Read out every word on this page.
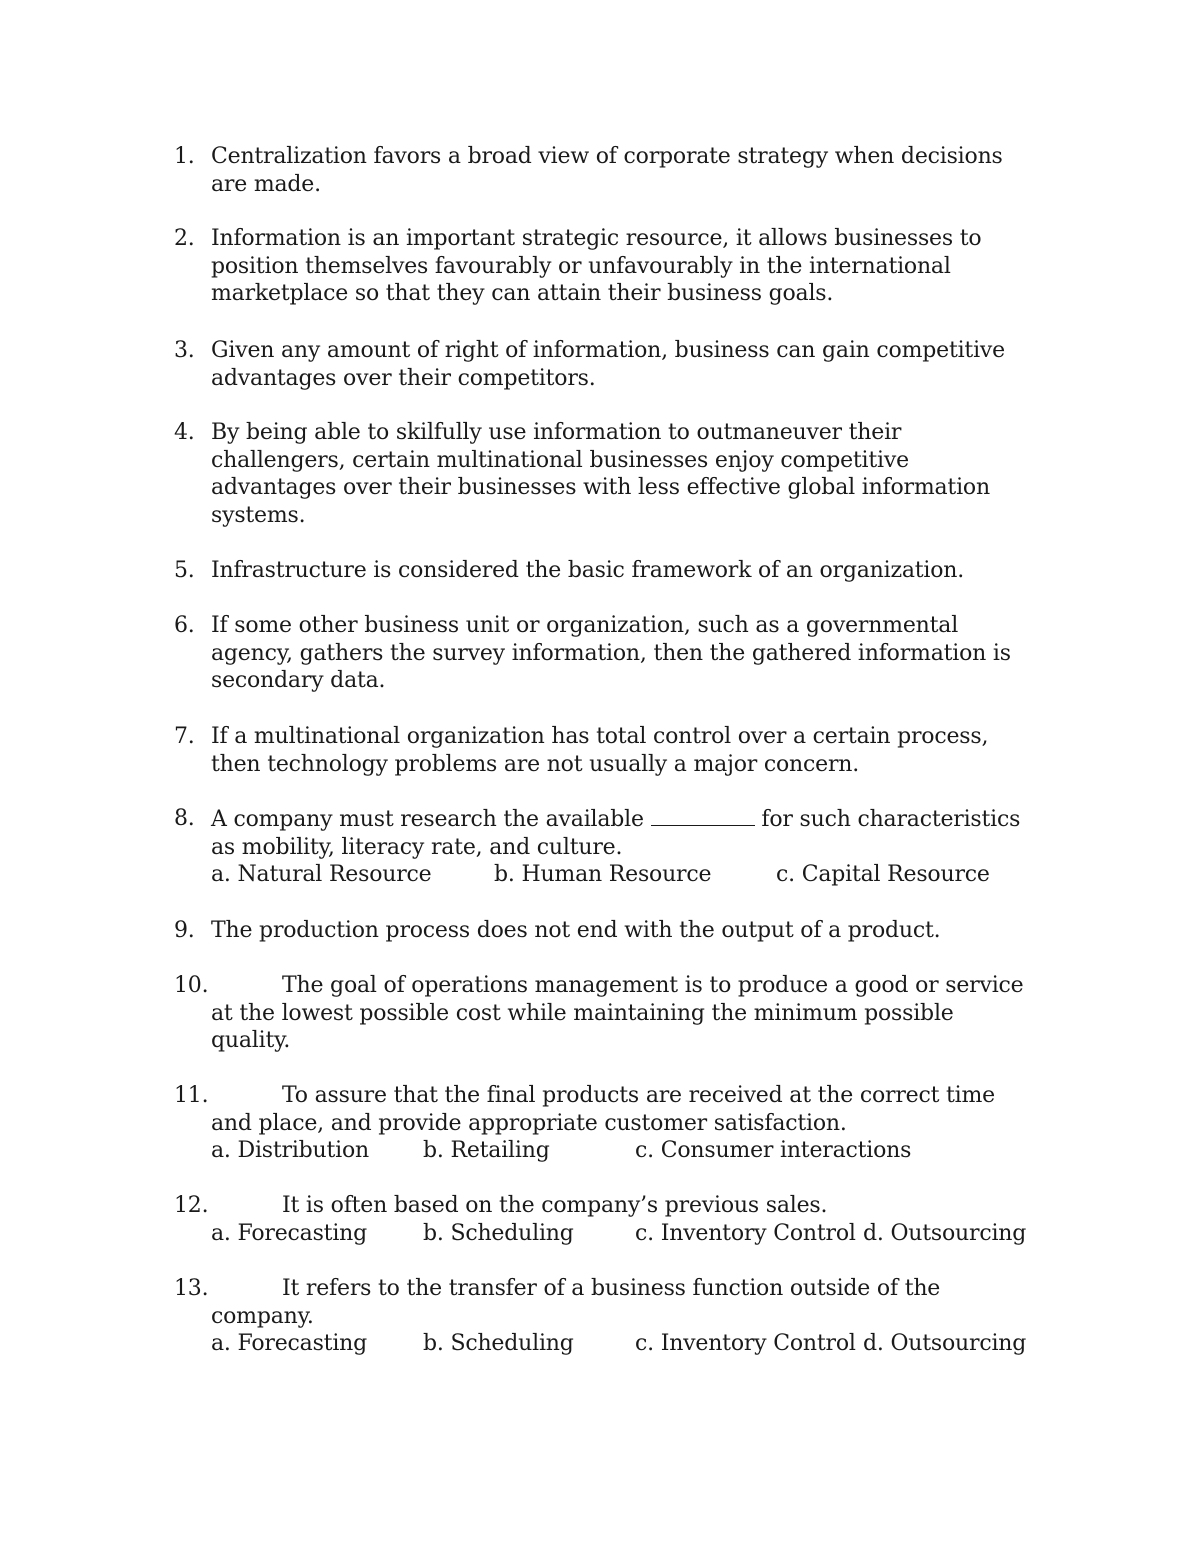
1. Centralization favors a broad view of corporate strategy when decisions
are made.
2. Information is an important strategic resource, it allows businesses to
position themselves favourably or unfavourably in the international
marketplace so that they can attain their business goals.
3. Given any amount of right of information, business can gain competitive
advantages over their competitors.
4. By being able to skilfully use information to outmaneuver their
challengers, certain multinational businesses enjoy competitive
advantages over their businesses with less effective global information
systems.
5. Infrastructure is considered the basic framework of an organization.
6. If some other business unit or organization, such as a governmental
agency, gathers the survey information, then the gathered information is
secondary data.
7. If a multinational organization has total control over a certain process,
then technology problems are not usually a major concern.
8. A company must research the available	for such characteristics
as mobility, literacy rate, and culture.
a. Natural Resource	b. Human Resource	c. Capital Resource
9. The production process does not end with the output of a product.
10.	The goal of operations management is to produce a good or service
at the lowest possible cost while maintaining the minimum possible
quality.
11.	To assure that the final products are received at the correct time
and place, and provide appropriate customer satisfaction.
a. Distribution b. Retailing	c. Consumer interactions
12.	It is often based on the company’s previous sales.
a. Forecasting	b. Scheduling	c. Inventory Control d. Outsourcing
13.	It refers to the transfer of a business function outside of the
company.
a. Forecasting	b. Scheduling	c. Inventory Control d. Outsourcing
